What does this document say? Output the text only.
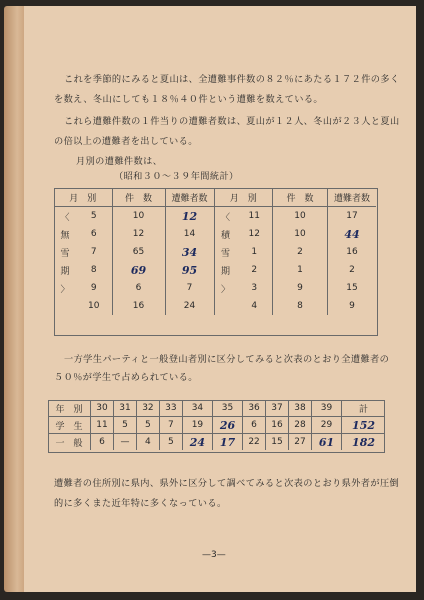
これを季節的にみると夏山は、全遭難事件数の８２％にあたる１７２件の多く
を数え、冬山にしても１８％４０件という遭難を数えている。
これら遭難件数の１件当りの遭難者数は、夏山が１２人、冬山が２３人と夏山
の倍以上の遭難者を出している。
月別の遭難件数は、
（昭和３０〜３９年間統計）
月　別		件　数	遭難者数	月　別		件　数	遭難者数
〈	5	10	12	〈	11	10	17
無	6	12	14	積	12	10	44
雪	7	65	34	雪	1	2	16
期	8	69	95	期	2	1	2
〉	9	6	7	〉	3	9	15
	10	16	24		4	8	9
一方学生パーティと一般登山者別に区分してみると次表のとおり全遭難者の
５０％が学生で占められている。
年　別	30	31	32	33	34	35	36	37	38	39	計
学　生	11	5	5	7	19	26	6	16	28	29	152
一　般	6	—	4	5	24	17	22	15	27	61	182
遭難者の住所別に県内、県外に区分して調べてみると次表のとおり県外者が圧倒
的に多くまた近年特に多くなっている。
—3—
